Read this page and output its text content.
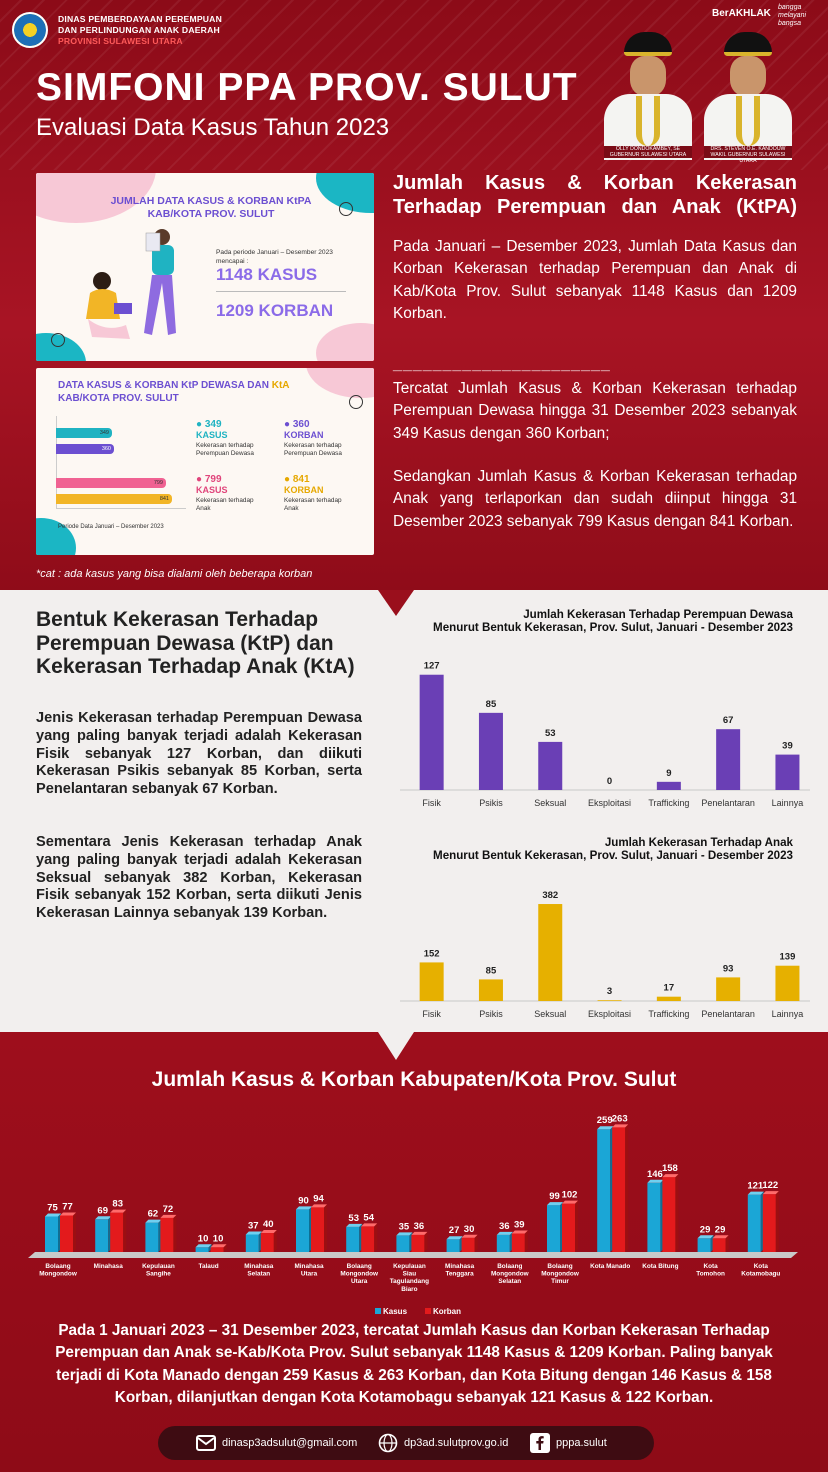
DINAS PEMBERDAYAAN PEREMPUAN
DAN PERLINDUNGAN ANAK DAERAH
PROVINSI SULAWESI UTARA
BerAKHLAK
bangga melayani bangsa
SIMFONI PPA PROV. SULUT
Evaluasi Data Kasus Tahun 2023
OLLY DONDOKAMBEY, SE
GUBERNUR SULAWESI UTARA
DRS. STEVEN O.E. KANDOUW
WAKIL GUBERNUR SULAWESI UTARA
JUMLAH DATA KASUS & KORBAN KtPA
KAB/KOTA PROV. SULUT
Pada periode Januari – Desember 2023
mencapai :
1148 KASUS
1209 KORBAN
DATA KASUS & KORBAN KtP DEWASA DAN KtA
KAB/KOTA PROV. SULUT
349
360
799
841
● 349
KASUS
Kekerasan terhadap Perempuan Dewasa
● 360
KORBAN
Kekerasan terhadap Perempuan Dewasa
● 799
KASUS
Kekerasan terhadap Anak
● 841
KORBAN
Kekerasan terhadap Anak
Periode Data Januari – Desember 2023
Jumlah Kasus & Korban Kekerasan Terhadap Perempuan dan Anak (KtPA)
Pada Januari – Desember 2023, Jumlah Data Kasus dan Korban Kekerasan terhadap Perempuan dan Anak di Kab/Kota Prov. Sulut sebanyak 1148 Kasus dan 1209 Korban.
______________________
Tercatat Jumlah Kasus & Korban Kekerasan terhadap Perempuan Dewasa hingga 31 Desember 2023 sebanyak 349 Kasus dengan 360 Korban;
Sedangkan Jumlah Kasus & Korban Kekerasan terhadap Anak yang terlaporkan dan sudah diinput hingga 31 Desember 2023 sebanyak 799 Kasus dengan 841 Korban.
*cat : ada kasus yang bisa dialami oleh beberapa korban
Bentuk Kekerasan Terhadap Perempuan Dewasa (KtP) dan Kekerasan Terhadap Anak (KtA)
Jenis Kekerasan terhadap Perempuan Dewasa yang paling banyak terjadi adalah Kekerasan Fisik sebanyak 127 Korban, dan diikuti Kekerasan Psikis sebanyak 85 Korban, serta Penelantaran sebanyak 67 Korban.
Sementara Jenis Kekerasan terhadap Anak yang paling banyak terjadi adalah Kekerasan Seksual sebanyak 382 Korban, Kekerasan Fisik sebanyak 152 Korban, serta diikuti Jenis Kekerasan Lainnya sebanyak 139 Korban.
Jumlah Kekerasan Terhadap Perempuan Dewasa
Menurut Bentuk Kekerasan, Prov. Sulut, Januari - Desember 2023
127
Fisik
85
Psikis
53
Seksual
0
Eksploitasi
9
Trafficking
67
Penelantaran
39
Lainnya
Jumlah Kekerasan Terhadap Anak
Menurut Bentuk Kekerasan, Prov. Sulut, Januari - Desember 2023
152
Fisik
85
Psikis
382
Seksual
3
Eksploitasi
17
Trafficking
93
Penelantaran
139
Lainnya
Jumlah Kasus & Korban Kabupaten/Kota Prov. Sulut
75 77
Bolaang Mongondow
69
83
Minahasa
62 72
Kepulauan Sangihe
10 10
Talaud
37 40
Minahasa Selatan
90 94
Minahasa Utara
53 54
Bolaang Mongondow Utara
35 36
Kepulauan Siau Tagulandang Biaro
27 30
Minahasa Tenggara
36 39
Bolaang Mongondow Selatan
99 102
Bolaang Mongondow Timur
259 263
Kota Manado
146
158
Kota Bitung
29 29
Kota Tomohon
121 122
Kota Kotamobagu
Kasus	Korban
Pada 1 Januari 2023 – 31 Desember 2023, tercatat Jumlah Kasus dan Korban Kekerasan Terhadap Perempuan dan Anak se-Kab/Kota Prov. Sulut sebanyak 1148 Kasus & 1209 Korban. Paling banyak terjadi di Kota Manado dengan 259 Kasus & 263 Korban, dan Kota Bitung dengan 146 Kasus & 158 Korban, dilanjutkan dengan Kota Kotamobagu sebanyak 121 Kasus & 122 Korban.
dinasp3adsulut@gmail.com	dp3ad.sulutprov.go.id	pppa.sulut
